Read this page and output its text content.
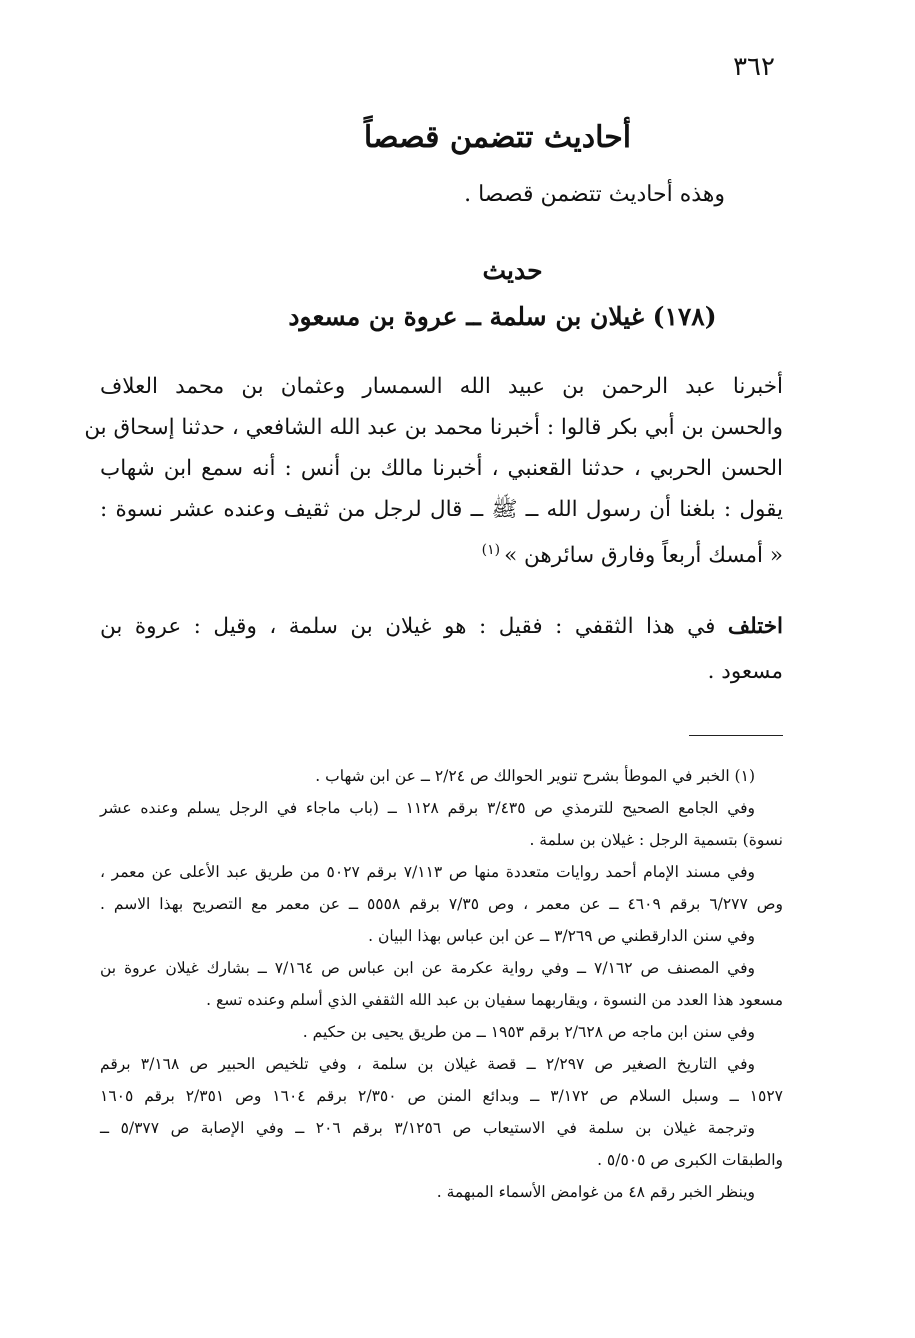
٣٦٢
أحاديث تتضمن قصصاً
وهذه أحاديث تتضمن قصصا .
حديث
(١٧٨) غيلان بن سلمة ــ عروة بن مسعود
أخبرنا عبد الرحمن بن عبيد الله السمسار وعثمان بن محمد العلاف
والحسن بن أبي بكر قالوا : أخبرنا محمد بن عبد الله الشافعي ، حدثنا إسحاق بن
الحسن الحربي ، حدثنا القعنبي ، أخبرنا مالك بن أنس : أنه سمع ابن شهاب
يقول : بلغنا أن رسول الله ــ ﷺ ــ قال لرجل من ثقيف وعنده عشر نسوة :
« أمسك أربعاً وفارق سائرهن »$^{(١)}$
اختلف في هذا الثقفي : فقيل : هو غيلان بن سلمة ، وقيل : عروة بن
مسعود .
(١) الخبر في الموطأ بشرح تنوير الحوالك ص ٢/٢٤ ــ عن ابن شهاب .
وفي الجامع الصحيح للترمذي ص ٣/٤٣٥ برقم ١١٢٨ ــ (باب ماجاء في الرجل يسلم وعنده عشر
نسوة) بتسمية الرجل : غيلان بن سلمة .
وفي مسند الإمام أحمد روايات متعددة منها ص ٧/١١٣ برقم ٥٠٢٧ من طريق عبد الأعلى عن معمر ،
وص ٦/٢٧٧ برقم ٤٦٠٩ ــ عن معمر ، وص ٧/٣٥ برقم ٥٥٥٨ ــ عن معمر مع التصريح بهذا الاسم .
وفي سنن الدارقطني ص ٣/٢٦٩ ــ عن ابن عباس بهذا البيان .
وفي المصنف ص ٧/١٦٢ ــ وفي رواية عكرمة عن ابن عباس ص ٧/١٦٤ ــ بشارك غيلان عروة بن
مسعود هذا العدد من النسوة ، ويقاربهما سفيان بن عبد الله الثقفي الذي أسلم وعنده تسع .
وفي سنن ابن ماجه ص ٢/٦٢٨ برقم ١٩٥٣ ــ من طريق يحيى بن حكيم .
وفي التاريخ الصغير ص ٢/٢٩٧ ــ قصة غيلان بن سلمة ، وفي تلخيص الحبير ص ٣/١٦٨ برقم
١٥٢٧ ــ وسبل السلام ص ٣/١٧٢ ــ وبدائع المنن ص ٢/٣٥٠ برقم ١٦٠٤ وص ٢/٣٥١ برقم ١٦٠٥
وترجمة غيلان بن سلمة في الاستيعاب ص ٣/١٢٥٦ برقم ٢٠٦ ــ وفي الإصابة ص ٥/٣٧٧ ــ
والطبقات الكبرى ص ٥/٥٠٥ .
وينظر الخبر رقم ٤٨ من غوامض الأسماء المبهمة .
